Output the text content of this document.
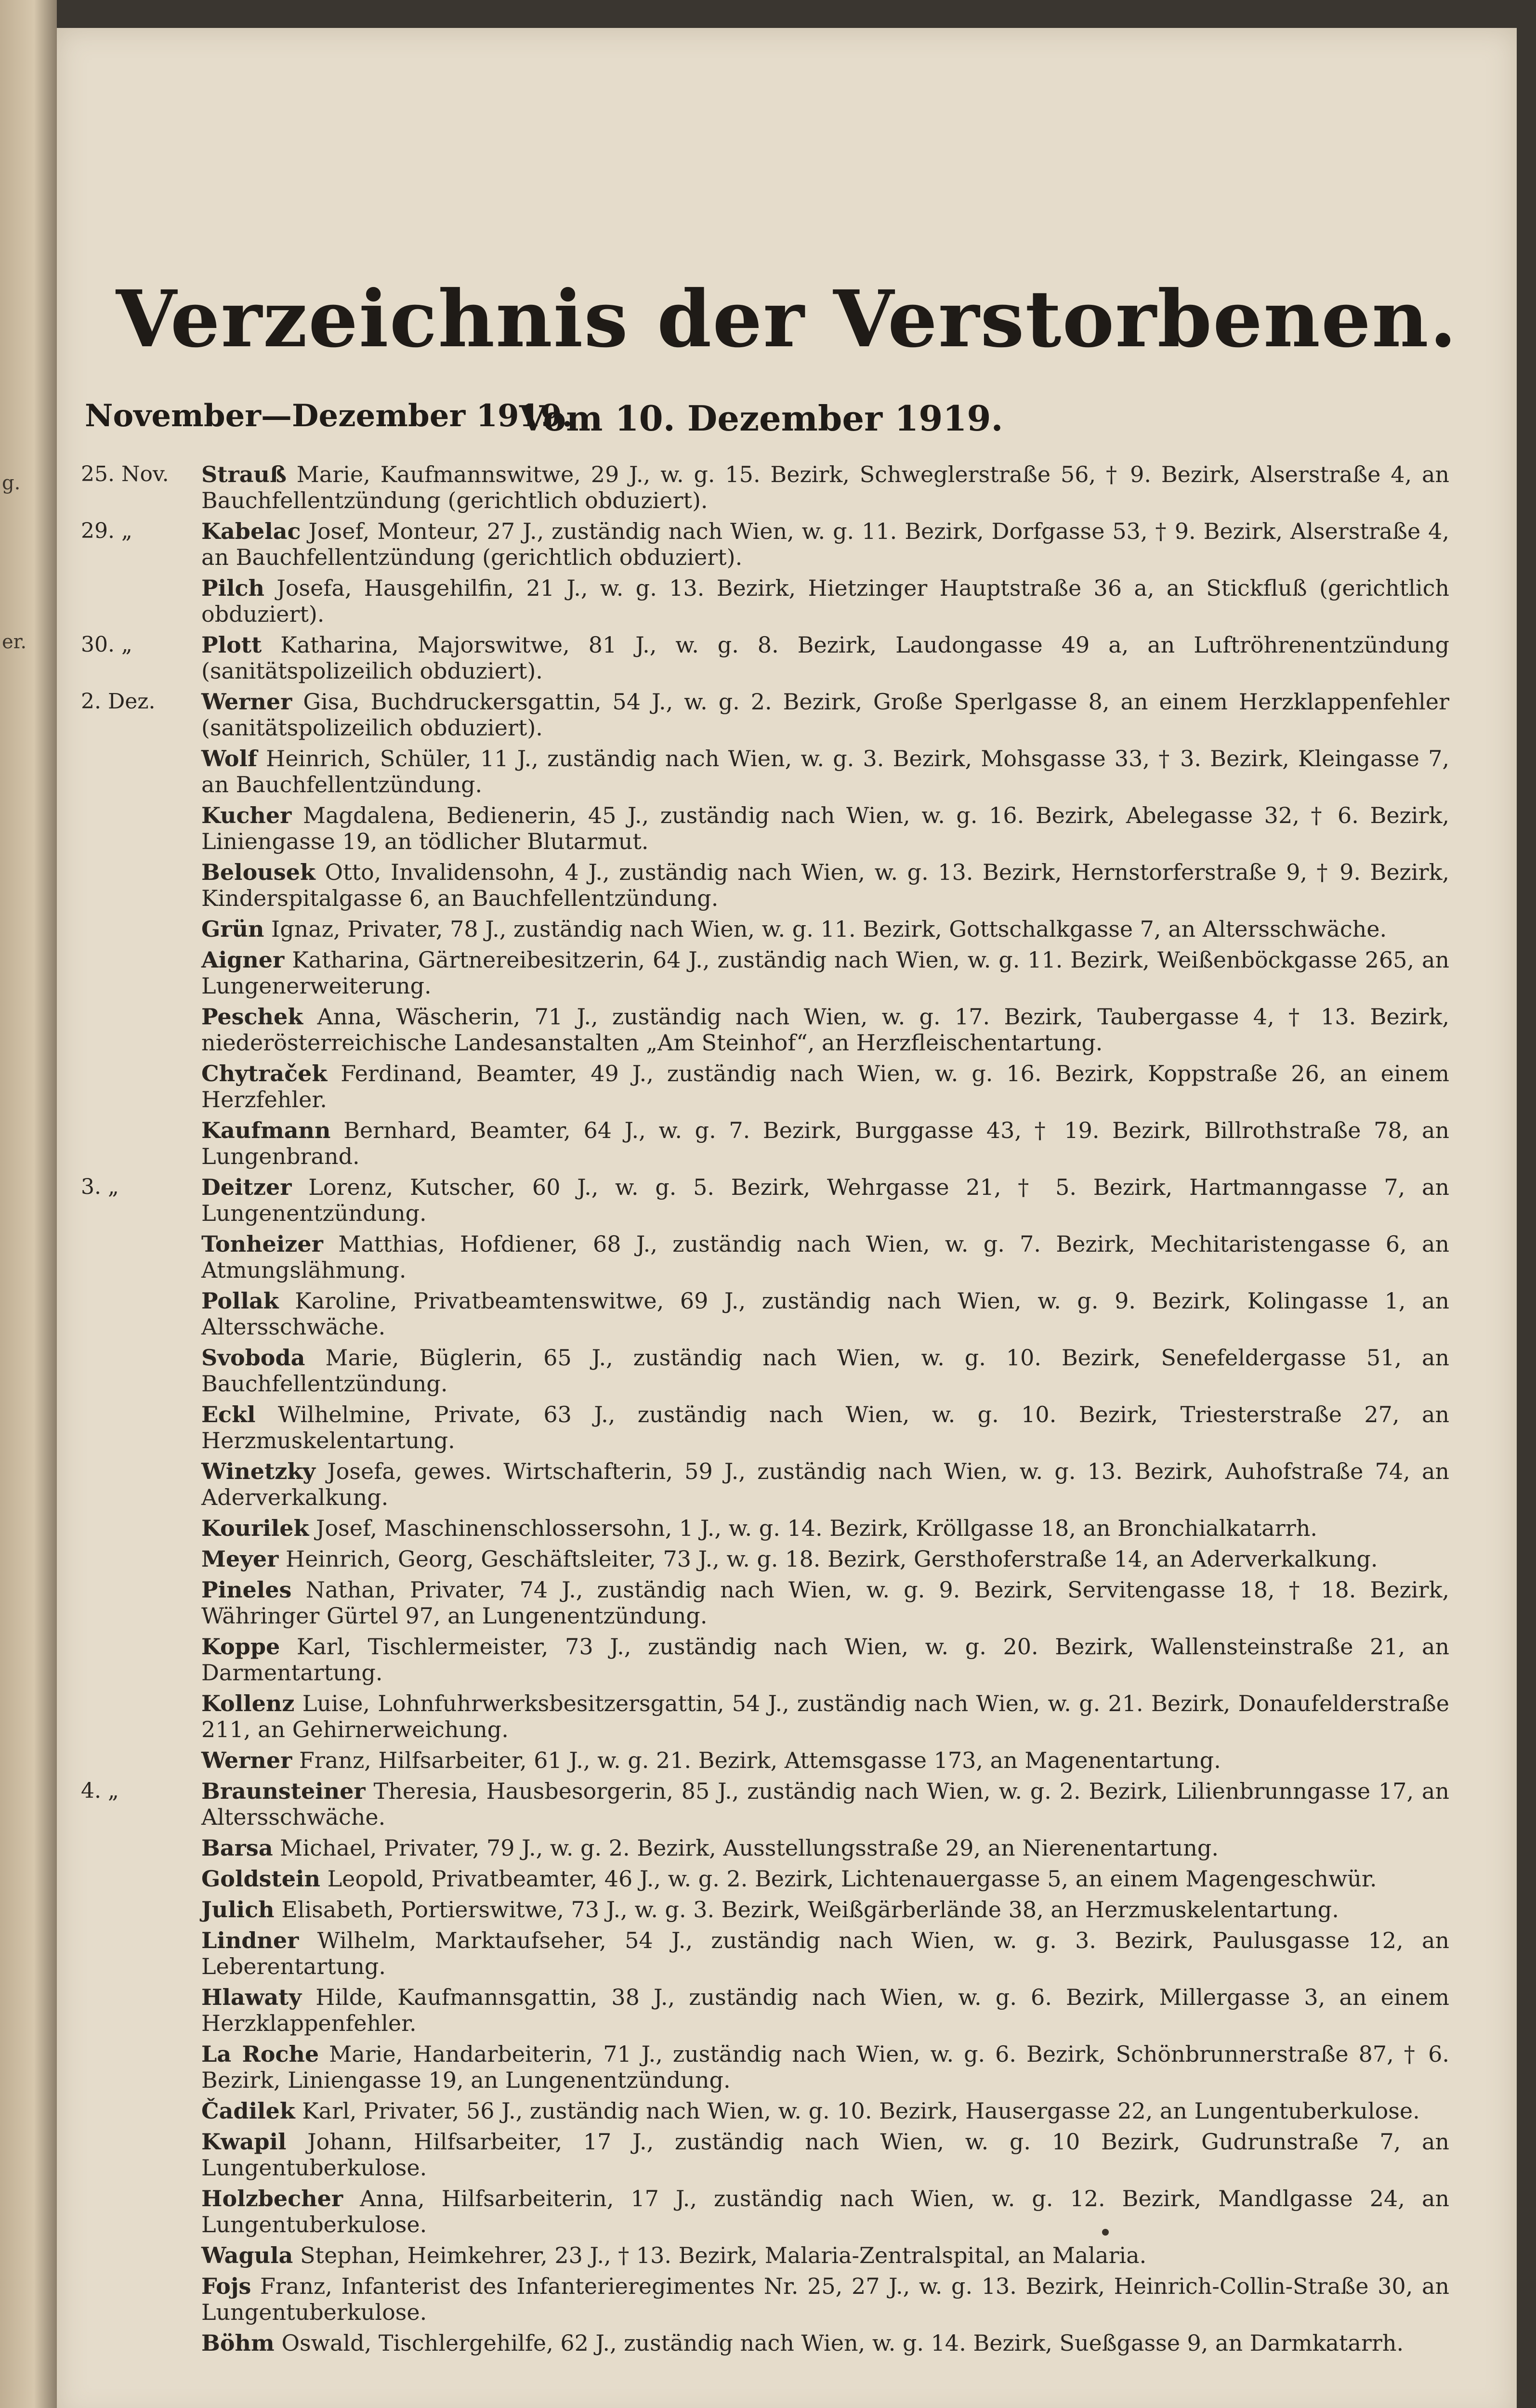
g.
er.
Verzeichnis der Verstorbenen.
November—Dezember 1919.
Vom 10. Dezember 1919.
25. Nov.	Strauß Marie, Kaufmannswitwe, 29 J., w. g. 15. Bezirk, Schweglerstraße 56, † 9. Bezirk, Alserstraße 4, an Bauchfellentzündung (gerichtlich obduziert).
29. „	Kabelac Josef, Monteur, 27 J., zuständig nach Wien, w. g. 11. Bezirk, Dorfgasse 53, † 9. Bezirk, Alserstraße 4, an Bauchfellentzündung (gerichtlich obduziert).
Pilch Josefa, Hausgehilfin, 21 J., w. g. 13. Bezirk, Hietzinger Hauptstraße 36 a, an Stickfluß (gerichtlich obduziert).
30. „	Plott Katharina, Majorswitwe, 81 J., w. g. 8. Bezirk, Laudongasse 49 a, an Luftröhrenentzündung (sanitätspolizeilich obduziert).
2. Dez.	Werner Gisa, Buchdruckersgattin, 54 J., w. g. 2. Bezirk, Große Sperlgasse 8, an einem Herzklappenfehler (sanitätspolizeilich obduziert).
Wolf Heinrich, Schüler, 11 J., zuständig nach Wien, w. g. 3. Bezirk, Mohsgasse 33, † 3. Bezirk, Kleingasse 7, an Bauchfellentzündung.
Kucher Magdalena, Bedienerin, 45 J., zuständig nach Wien, w. g. 16. Bezirk, Abelegasse 32, † 6. Bezirk, Liniengasse 19, an tödlicher Blutarmut.
Belousek Otto, Invalidensohn, 4 J., zuständig nach Wien, w. g. 13. Bezirk, Hernstorferstraße 9, † 9. Bezirk, Kinderspitalgasse 6, an Bauchfellentzündung.
Grün Ignaz, Privater, 78 J., zuständig nach Wien, w. g. 11. Bezirk, Gottschalkgasse 7, an Altersschwäche.
Aigner Katharina, Gärtnereibesitzerin, 64 J., zuständig nach Wien, w. g. 11. Bezirk, Weißenböckgasse 265, an Lungenerweiterung.
Peschek Anna, Wäscherin, 71 J., zuständig nach Wien, w. g. 17. Bezirk, Taubergasse 4, † 13. Bezirk, niederösterreichische Landesanstalten „Am Steinhof“, an Herzfleischentartung.
Chytraček Ferdinand, Beamter, 49 J., zuständig nach Wien, w. g. 16. Bezirk, Koppstraße 26, an einem Herzfehler.
Kaufmann Bernhard, Beamter, 64 J., w. g. 7. Bezirk, Burggasse 43, † 19. Bezirk, Billrothstraße 78, an Lungenbrand.
3. „	Deitzer Lorenz, Kutscher, 60 J., w. g. 5. Bezirk, Wehrgasse 21, † 5. Bezirk, Hartmanngasse 7, an Lungenentzündung.
Tonheizer Matthias, Hofdiener, 68 J., zuständig nach Wien, w. g. 7. Bezirk, Mechitaristengasse 6, an Atmungslähmung.
Pollak Karoline, Privatbeamtenswitwe, 69 J., zuständig nach Wien, w. g. 9. Bezirk, Kolingasse 1, an Altersschwäche.
Svoboda Marie, Büglerin, 65 J., zuständig nach Wien, w. g. 10. Bezirk, Senefeldergasse 51, an Bauchfellentzündung.
Eckl Wilhelmine, Private, 63 J., zuständig nach Wien, w. g. 10. Bezirk, Triesterstraße 27, an Herzmuskelentartung.
Winetzky Josefa, gewes. Wirtschafterin, 59 J., zuständig nach Wien, w. g. 13. Bezirk, Auhofstraße 74, an Aderverkalkung.
Kourilek Josef, Maschinenschlossersohn, 1 J., w. g. 14. Bezirk, Kröllgasse 18, an Bronchialkatarrh.
Meyer Heinrich, Georg, Geschäftsleiter, 73 J., w. g. 18. Bezirk, Gersthoferstraße 14, an Aderverkalkung.
Pineles Nathan, Privater, 74 J., zuständig nach Wien, w. g. 9. Bezirk, Servitengasse 18, † 18. Bezirk, Währinger Gürtel 97, an Lungenentzündung.
Koppe Karl, Tischlermeister, 73 J., zuständig nach Wien, w. g. 20. Bezirk, Wallensteinstraße 21, an Darmentartung.
Kollenz Luise, Lohnfuhrwerksbesitzersgattin, 54 J., zuständig nach Wien, w. g. 21. Bezirk, Donaufelderstraße 211, an Gehirnerweichung.
Werner Franz, Hilfsarbeiter, 61 J., w. g. 21. Bezirk, Attemsgasse 173, an Magenentartung.
4. „	Braunsteiner Theresia, Hausbesorgerin, 85 J., zuständig nach Wien, w. g. 2. Bezirk, Lilienbrunngasse 17, an Altersschwäche.
Barsa Michael, Privater, 79 J., w. g. 2. Bezirk, Ausstellungsstraße 29, an Nierenentartung.
Goldstein Leopold, Privatbeamter, 46 J., w. g. 2. Bezirk, Lichtenauergasse 5, an einem Magengeschwür.
Julich Elisabeth, Portierswitwe, 73 J., w. g. 3. Bezirk, Weißgärberlände 38, an Herzmuskelentartung.
Lindner Wilhelm, Marktaufseher, 54 J., zuständig nach Wien, w. g. 3. Bezirk, Paulusgasse 12, an Leberentartung.
Hlawaty Hilde, Kaufmannsgattin, 38 J., zuständig nach Wien, w. g. 6. Bezirk, Millergasse 3, an einem Herzklappenfehler.
La Roche Marie, Handarbeiterin, 71 J., zuständig nach Wien, w. g. 6. Bezirk, Schönbrunnerstraße 87, † 6. Bezirk, Liniengasse 19, an Lungenentzündung.
Čadilek Karl, Privater, 56 J., zuständig nach Wien, w. g. 10. Bezirk, Hausergasse 22, an Lungentuberkulose.
Kwapil Johann, Hilfsarbeiter, 17 J., zuständig nach Wien, w. g. 10 Bezirk, Gudrunstraße 7, an Lungentuberkulose.
Holzbecher Anna, Hilfsarbeiterin, 17 J., zuständig nach Wien, w. g. 12. Bezirk, Mandlgasse 24, an Lungentuberkulose.
Wagula Stephan, Heimkehrer, 23 J., † 13. Bezirk, Malaria-Zentralspital, an Malaria.
Fojs Franz, Infanterist des Infanterieregimentes Nr. 25, 27 J., w. g. 13. Bezirk, Heinrich-Collin-Straße 30, an Lungentuberkulose.
Böhm Oswald, Tischlergehilfe, 62 J., zuständig nach Wien, w. g. 14. Bezirk, Sueßgasse 9, an Darmkatarrh.
